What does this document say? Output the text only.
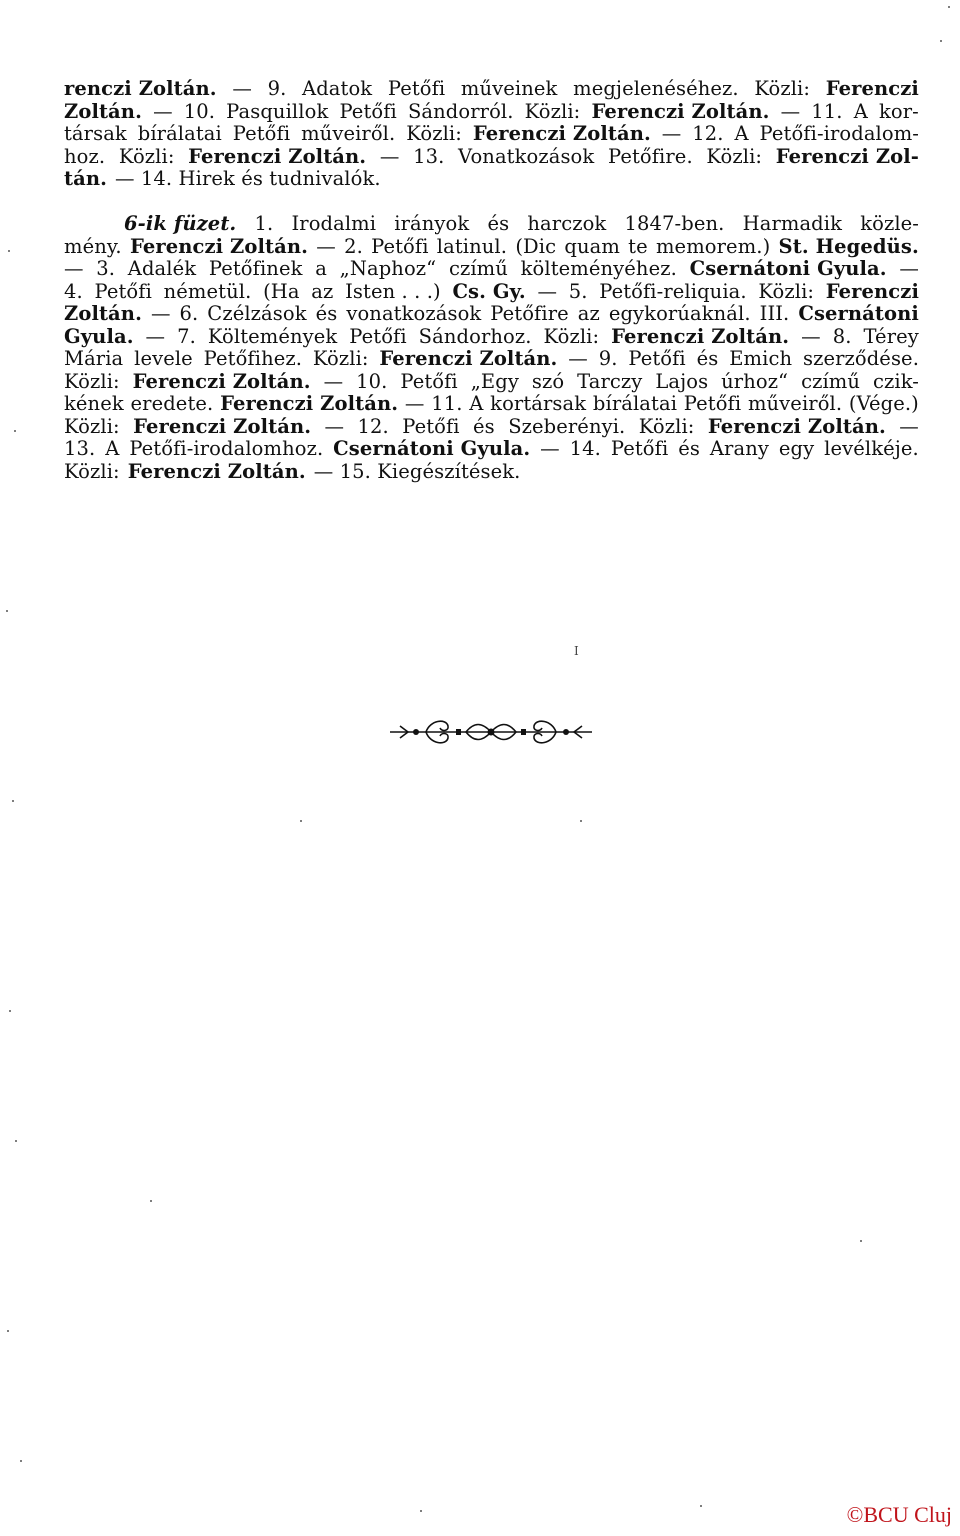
renczi Zoltán. — 9. Adatok Petőfi műveinek megjelenéséhez. Közli: Ferenczi
Zoltán. — 10. Pasquillok Petőfi Sándorról. Közli: Ferenczi Zoltán. — 11. A kor-
társak bírálatai Petőfi műveiről. Közli: Ferenczi Zoltán. — 12. A Petőfi-irodalom-
hoz. Közli: Ferenczi Zoltán. — 13. Vonatkozások Petőfire. Közli: Ferenczi Zol-
tán. — 14. Hirek és tudnivalók.
6-ik füzet. 1. Irodalmi irányok és harczok 1847-ben. Harmadik közle-
mény. Ferenczi Zoltán. — 2. Petőfi latinul. (Dic quam te memorem.) St. Hegedüs.
— 3. Adalék Petőfinek a „Naphoz“ czímű költeményéhez. Csernátoni Gyula. —
4. Petőfi németül. (Ha az Isten . . .) Cs. Gy. — 5. Petőfi-reliquia. Közli: Ferenczi
Zoltán. — 6. Czélzások és vonatkozások Petőfire az egykorúaknál. III. Csernátoni
Gyula. — 7. Költemények Petőfi Sándorhoz. Közli: Ferenczi Zoltán. — 8. Térey
Mária levele Petőfihez. Közli: Ferenczi Zoltán. — 9. Petőfi és Emich szerződése.
Közli: Ferenczi Zoltán. — 10. Petőfi „Egy szó Tarczy Lajos úrhoz“ czímű czik-
kének eredete. Ferenczi Zoltán. — 11. A kortársak bírálatai Petőfi műveiről. (Vége.)
Közli: Ferenczi Zoltán. — 12. Petőfi és Szeberényi. Közli: Ferenczi Zoltán. —
13. A Petőfi-irodalomhoz. Csernátoni Gyula. — 14. Petőfi és Arany egy levélkéje.
Közli: Ferenczi Zoltán. — 15. Kiegészítések.
I
©BCU Cluj
